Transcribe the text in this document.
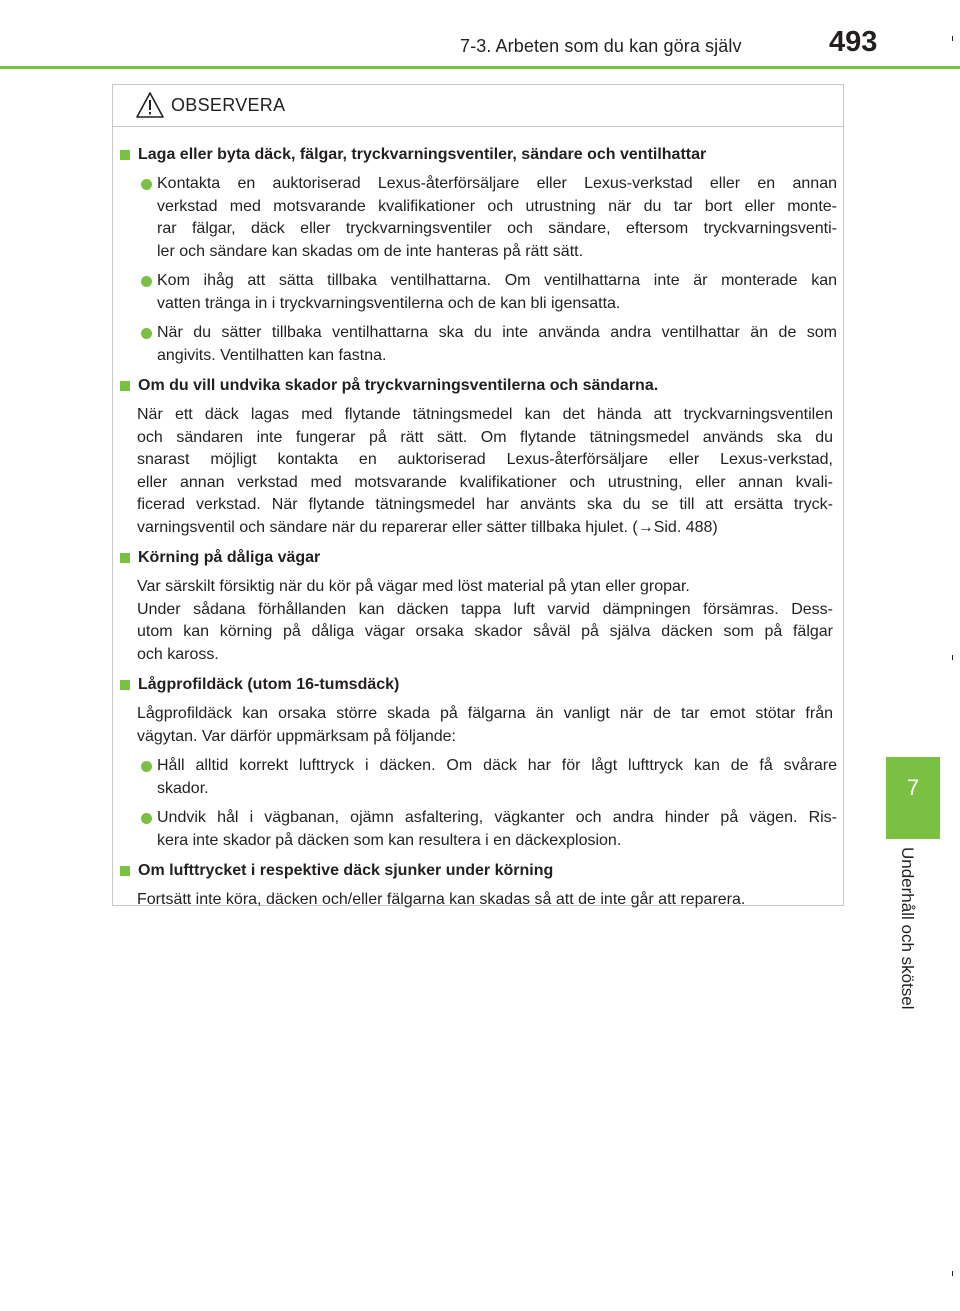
7-3. Arbeten som du kan göra själv	493
7
Underhåll och skötsel
OBSERVERA
Laga eller byta däck, fälgar, tryckvarningsventiler, sändare och ventilhattar
Kontakta en auktoriserad Lexus-återförsäljare eller Lexus-verkstad eller en annan
verkstad med motsvarande kvalifikationer och utrustning när du tar bort eller monte-
rar fälgar, däck eller tryckvarningsventiler och sändare, eftersom tryckvarningsventi-
ler och sändare kan skadas om de inte hanteras på rätt sätt.
Kom ihåg att sätta tillbaka ventilhattarna. Om ventilhattarna inte är monterade kan
vatten tränga in i tryckvarningsventilerna och de kan bli igensatta.
När du sätter tillbaka ventilhattarna ska du inte använda andra ventilhattar än de som
angivits. Ventilhatten kan fastna.
Om du vill undvika skador på tryckvarningsventilerna och sändarna.
När ett däck lagas med flytande tätningsmedel kan det hända att tryckvarningsventilen
och sändaren inte fungerar på rätt sätt. Om flytande tätningsmedel används ska du
snarast möjligt kontakta en auktoriserad Lexus-återförsäljare eller Lexus-verkstad,
eller annan verkstad med motsvarande kvalifikationer och utrustning, eller annan kvali-
ficerad verkstad. När flytande tätningsmedel har använts ska du se till att ersätta tryck-
varningsventil och sändare när du reparerar eller sätter tillbaka hjulet. (→Sid. 488)
Körning på dåliga vägar
Var särskilt försiktig när du kör på vägar med löst material på ytan eller gropar.
Under sådana förhållanden kan däcken tappa luft varvid dämpningen försämras. Dess-
utom kan körning på dåliga vägar orsaka skador såväl på själva däcken som på fälgar
och kaross.
Lågprofildäck (utom 16-tumsdäck)
Lågprofildäck kan orsaka större skada på fälgarna än vanligt när de tar emot stötar från
vägytan. Var därför uppmärksam på följande:
Håll alltid korrekt lufttryck i däcken. Om däck har för lågt lufttryck kan de få svårare
skador.
Undvik hål i vägbanan, ojämn asfaltering, vägkanter och andra hinder på vägen. Ris-
kera inte skador på däcken som kan resultera i en däckexplosion.
Om lufttrycket i respektive däck sjunker under körning
Fortsätt inte köra, däcken och/eller fälgarna kan skadas så att de inte går att reparera.
